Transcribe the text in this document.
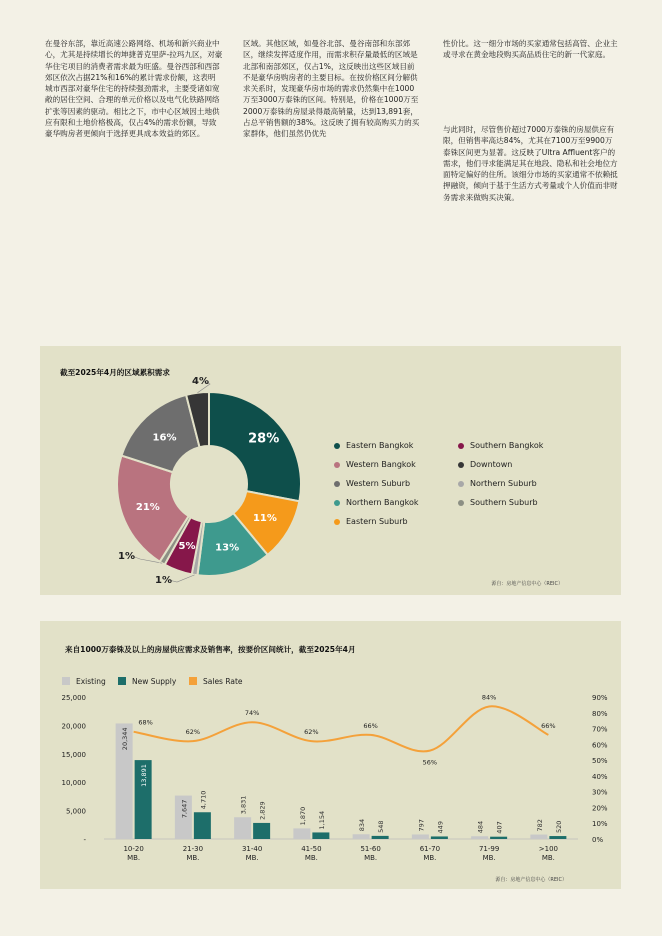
在曼谷东部，靠近高速公路网络、机场和新兴商业中心，尤其是持续增长的坤捷普克里萨-拉玛九区，对豪华住宅项目的消费者需求最为旺盛。曼谷西部和西部郊区依次占据21%和16%的累计需求份额，这表明城市西部对豪华住宅的持续强劲需求，主要受诸如宽敞的居住空间、合理的单元价格以及电气化铁路网络扩张等因素的驱动。相比之下，市中心区域因土地供应有限和土地价格极高，仅占4%的需求份额，导致豪华购房者更倾向于选择更具成本效益的郊区。
区域。其他区域，如曼谷北部、曼谷南部和东部郊区，继续发挥适度作用，而需求积存量最低的区域是北部和南部郊区，仅占1%，这反映出这些区域目前不是豪华房购房者的主要目标。在按价格区间分解供求关系时，发现豪华房市场的需求仍然集中在1000万至3000万泰铢的区间。特别是，价格在1000万至2000万泰铢的房屋录得最高销量，达到13,891套，占总平销售额的38%。这反映了拥有较高购买力的买家群体，他们虽然仍优先
性价比。这一细分市场的买家通常包括高管、企业主或寻求在黄金地段购买高品质住宅的新一代家庭。
与此同时，尽管售价超过7000万泰铢的房屋供应有限，但销售率高达84%，尤其在7100万至9900万泰铢区间更为显著。这反映了Ultra Affluent客户的需求，他们寻求能满足其在地段、隐私和社会地位方面特定偏好的住所。该细分市场的买家通常不依赖抵押融资，倾向于基于生活方式考量或个人价值而非财务需求来做购买决策。
截至2025年4月的区域累积需求
28%
11%
13%
1%
5%
1%
21%
16%
4%
Eastern Bangkok	Southern Bangkok
Western Bangkok	Downtown
Western Suburb	Northern Suburb
Northern Bangkok	Southern Suburb
Eastern Suburb
源自：房地产信息中心（REIC）
来自1000万泰铢及以上的房屋供应需求及销售率，按要价区间统计，截至2025年4月
Existing	New Supply	Sales Rate
-
5,000
10,000
15,000
20,000
25,000
0%
10%
20%
30%
40%
50%
60%
70%
80%
90%
20,344
13,891
10-20
MB.
7,647 4,710
21-30
MB.
3,831 2,829
31-40
MB.
1,870 1,154
41-50
MB.
834 548
51-60
MB.
797 449
61-70
MB.
484 407
71-99
MB.
782 520
>100
MB.
68%
62%
74%
62%
66%
56%
84%
66%
源自：房地产信息中心（REIC）
